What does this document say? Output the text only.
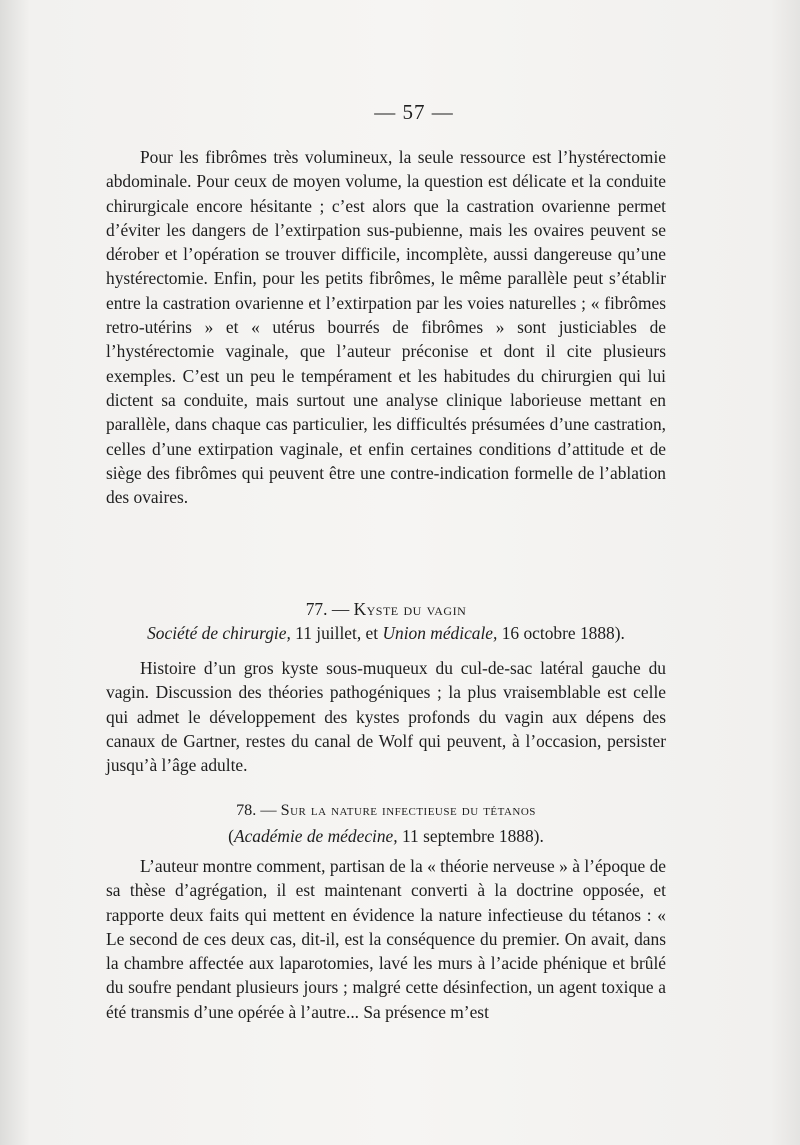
— 57 —

Pour les fibrômes très volumineux, la seule ressource est l’hystérectomie abdominale. Pour ceux de moyen volume, la question est délicate et la conduite chirurgicale encore hésitante ; c’est alors que la castration ovarienne permet d’éviter les dangers de l’extirpation sus-pubienne, mais les ovaires peuvent se dérober et l’opération se trouver difficile, incomplète, aussi dangereuse qu’une hystérectomie. Enfin, pour les petits fibrômes, le même parallèle peut s’établir entre la castration ovarienne et l’extirpation par les voies naturelles ; « fibrômes retro-utérins » et « utérus bourrés de fibrômes » sont justiciables de l’hystérectomie vaginale, que l’auteur préconise et dont il cite plusieurs exemples. C’est un peu le tempérament et les habitudes du chirurgien qui lui dictent sa conduite, mais surtout une analyse clinique laborieuse mettant en parallèle, dans chaque cas particulier, les difficultés présumées d’une castration, celles d’une extirpation vaginale, et enfin certaines conditions d’attitude et de siège des fibrômes qui peuvent être une contre-indication formelle de l’ablation des ovaires.

77. — Kyste du vagin
Société de chirurgie, 11 juillet, et Union médicale, 16 octobre 1888).

Histoire d’un gros kyste sous-muqueux du cul-de-sac latéral gauche du vagin. Discussion des théories pathogéniques ; la plus vraisemblable est celle qui admet le développement des kystes profonds du vagin aux dépens des canaux de Gartner, restes du canal de Wolf qui peuvent, à l’occasion, persister jusqu’à l’âge adulte.

78. — Sur la nature infectieuse du tétanos
(Académie de médecine, 11 septembre 1888).

L’auteur montre comment, partisan de la « théorie nerveuse » à l’époque de sa thèse d’agrégation, il est maintenant converti à la doctrine opposée, et rapporte deux faits qui mettent en évidence la nature infectieuse du tétanos : « Le second de ces deux cas, dit-il, est la conséquence du premier. On avait, dans la chambre affectée aux laparotomies, lavé les murs à l’acide phénique et brûlé du soufre pendant plusieurs jours ; malgré cette désinfection, un agent toxique a été transmis d’une opérée à l’autre... Sa présence m’est
